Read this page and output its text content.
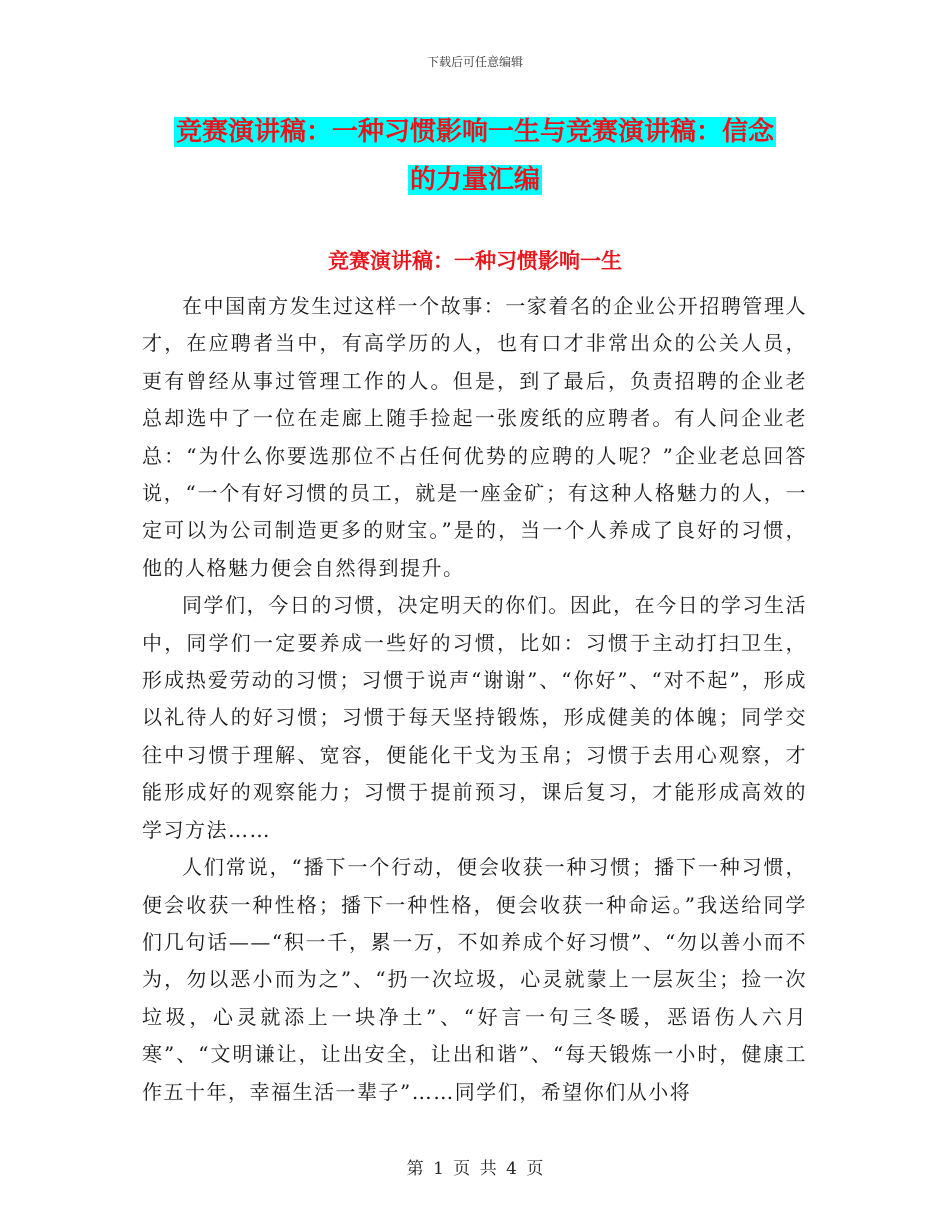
下载后可任意编辑
竞赛演讲稿：一种习惯影响一生与竞赛演讲稿：信念
的力量汇编
竞赛演讲稿：一种习惯影响一生

在中国南方发生过这样一个故事：一家着名的企业公开招聘管理人才，在应聘者当中，有高学历的人，也有口才非常出众的公关人员，更有曾经从事过管理工作的人。但是，到了最后，负责招聘的企业老总却选中了一位在走廊上随手捡起一张废纸的应聘者。有人问企业老总：“为什么你要选那位不占任何优势的应聘的人呢？”企业老总回答说，“一个有好习惯的员工，就是一座金矿；有这种人格魅力的人，一定可以为公司制造更多的财宝。”是的，当一个人养成了良好的习惯，他的人格魅力便会自然得到提升。

同学们，今日的习惯，决定明天的你们。因此，在今日的学习生活中，同学们一定要养成一些好的习惯，比如：习惯于主动打扫卫生，形成热爱劳动的习惯；习惯于说声“谢谢”、“你好”、“对不起”，形成以礼待人的好习惯；习惯于每天坚持锻炼，形成健美的体魄；同学交往中习惯于理解、宽容，便能化干戈为玉帛；习惯于去用心观察，才能形成好的观察能力；习惯于提前预习，课后复习，才能形成高效的学习方法……

人们常说，“播下一个行动，便会收获一种习惯；播下一种习惯，便会收获一种性格；播下一种性格，便会收获一种命运。”我送给同学们几句话——“积一千，累一万，不如养成个好习惯”、“勿以善小而不为，勿以恶小而为之”、“扔一次垃圾，心灵就蒙上一层灰尘；捡一次垃圾，心灵就添上一块净土”、“好言一句三冬暖，恶语伤人六月寒”、“文明谦让，让出安全，让出和谐”、“每天锻炼一小时，健康工作五十年，幸福生活一辈子”……同学们，希望你们从小将

第 1 页 共 4 页
